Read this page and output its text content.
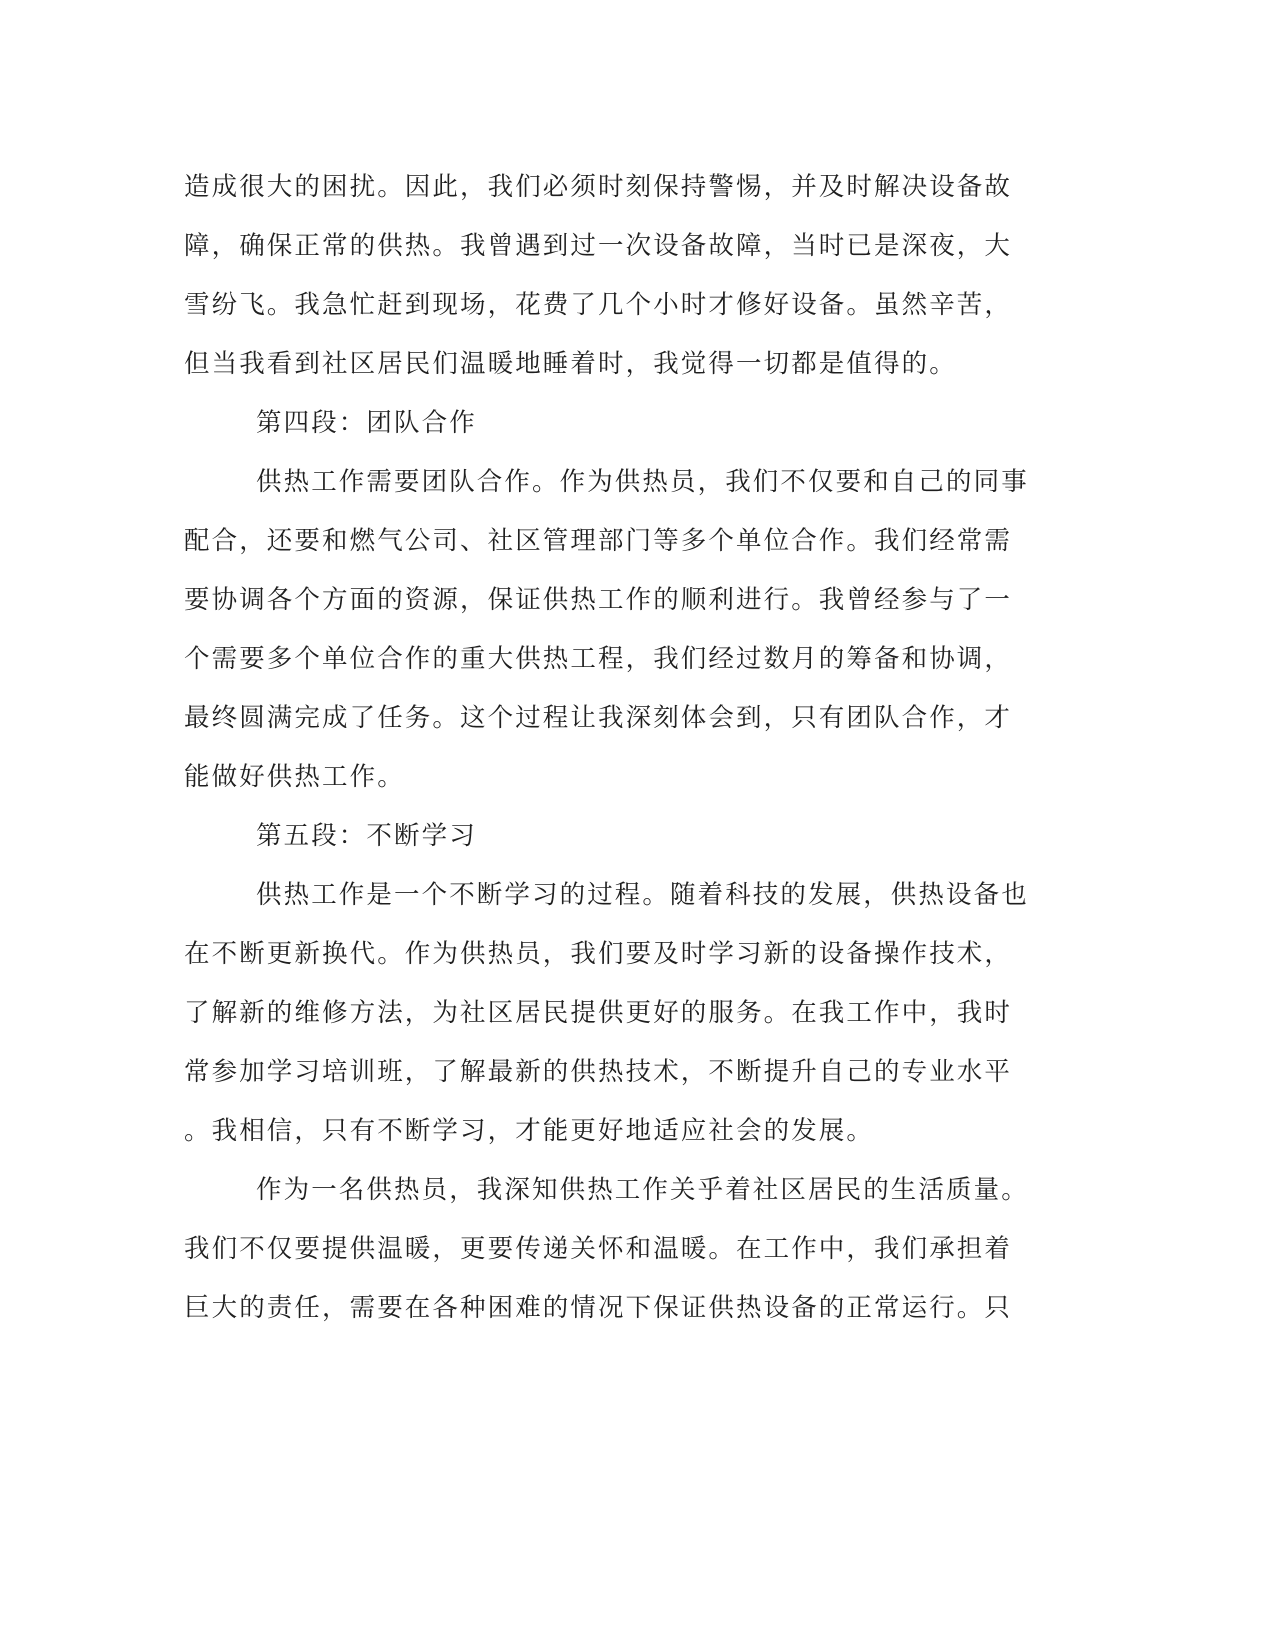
造成很大的困扰。因此，我们必须时刻保持警惕，并及时解决设备故
障，确保正常的供热。我曾遇到过一次设备故障，当时已是深夜，大
雪纷飞。我急忙赶到现场，花费了几个小时才修好设备。虽然辛苦，
但当我看到社区居民们温暖地睡着时，我觉得一切都是值得的。
第四段：团队合作
供热工作需要团队合作。作为供热员，我们不仅要和自己的同事
配合，还要和燃气公司、社区管理部门等多个单位合作。我们经常需
要协调各个方面的资源，保证供热工作的顺利进行。我曾经参与了一
个需要多个单位合作的重大供热工程，我们经过数月的筹备和协调，
最终圆满完成了任务。这个过程让我深刻体会到，只有团队合作，才
能做好供热工作。
第五段：不断学习
供热工作是一个不断学习的过程。随着科技的发展，供热设备也
在不断更新换代。作为供热员，我们要及时学习新的设备操作技术，
了解新的维修方法，为社区居民提供更好的服务。在我工作中，我时
常参加学习培训班，了解最新的供热技术，不断提升自己的专业水平
。我相信，只有不断学习，才能更好地适应社会的发展。
作为一名供热员，我深知供热工作关乎着社区居民的生活质量。
我们不仅要提供温暖，更要传递关怀和温暖。在工作中，我们承担着
巨大的责任，需要在各种困难的情况下保证供热设备的正常运行。只
